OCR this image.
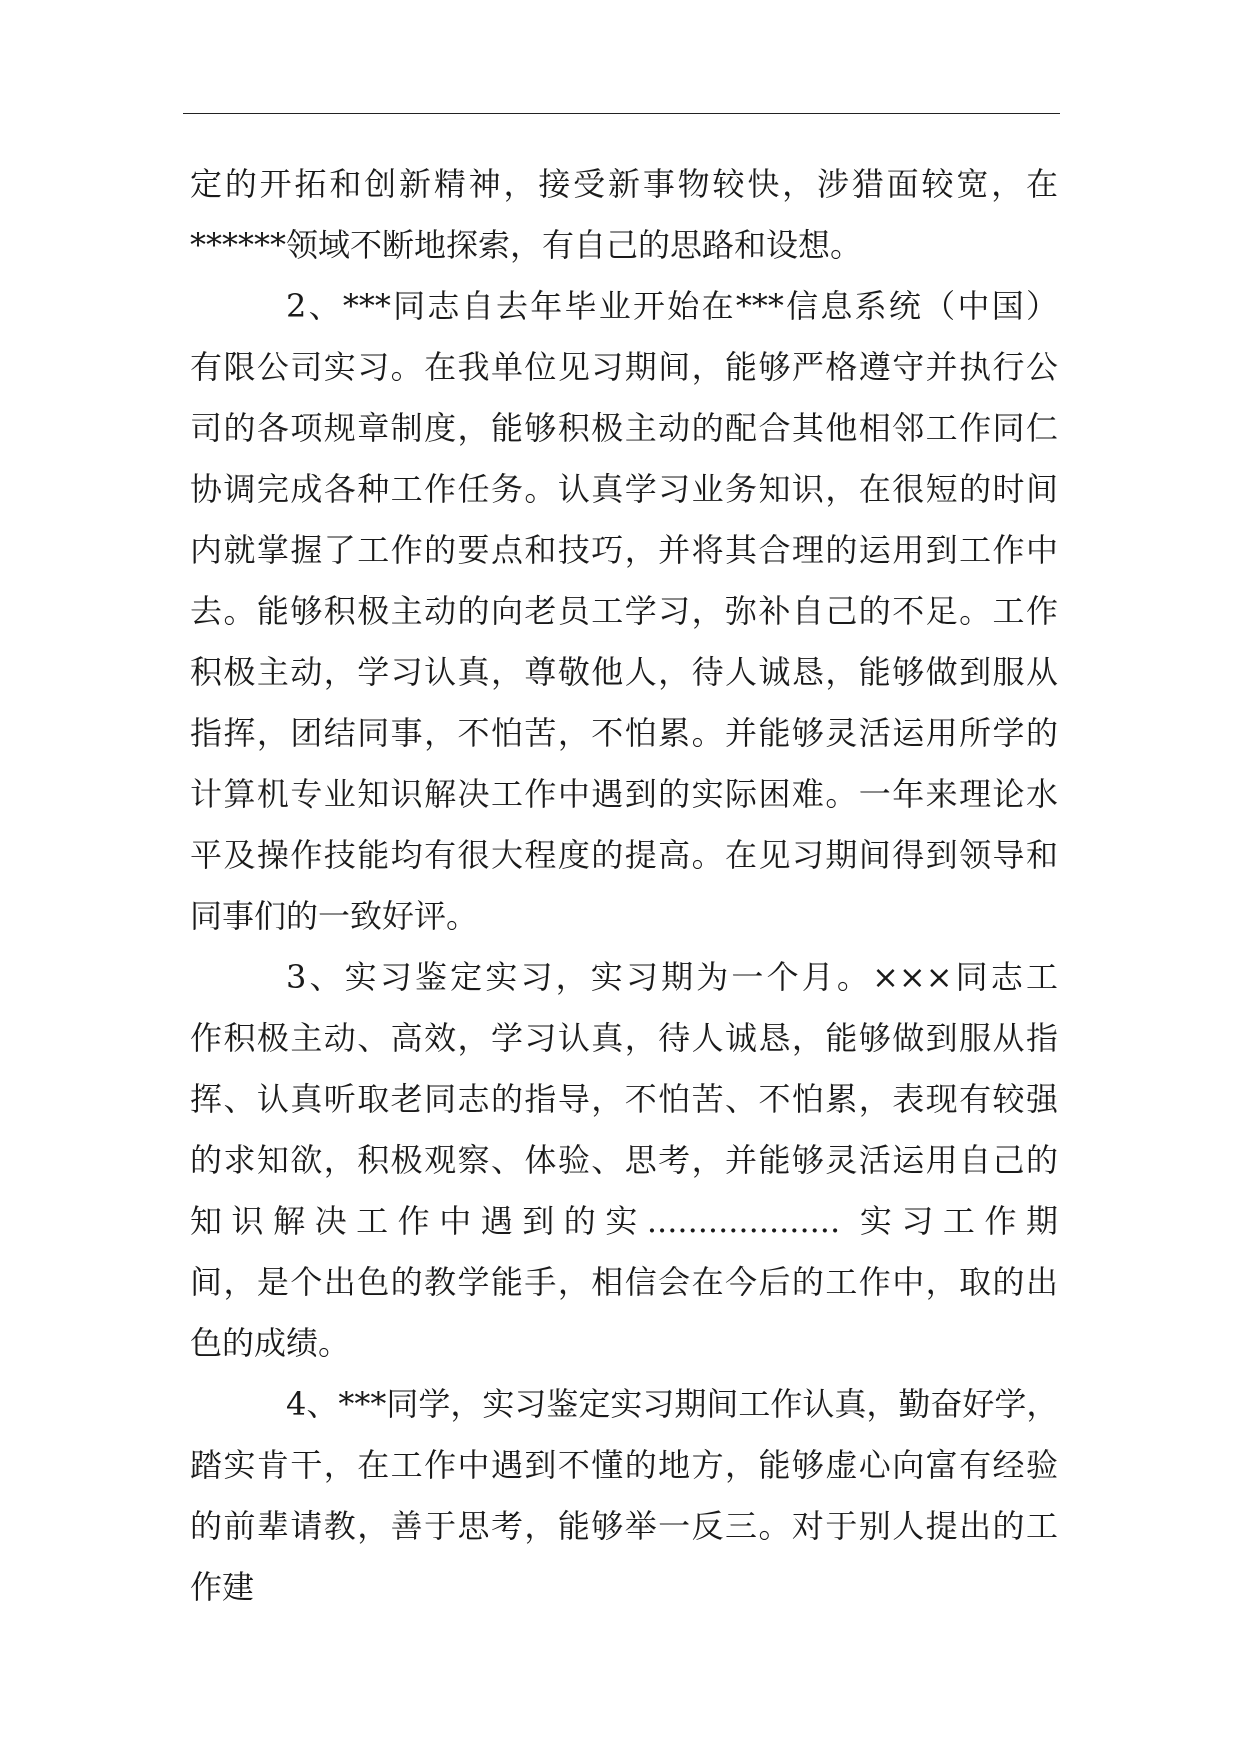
定的开拓和创新精神，接受新事物较快，涉猎面较宽，在
******领域不断地探索，有自己的思路和设想。
2、***同志自去年毕业开始在***信息系统（中国）
有限公司实习。在我单位见习期间，能够严格遵守并执行公
司的各项规章制度，能够积极主动的配合其他相邻工作同仁
协调完成各种工作任务。认真学习业务知识，在很短的时间
内就掌握了工作的要点和技巧，并将其合理的运用到工作中
去。能够积极主动的向老员工学习，弥补自己的不足。工作
积极主动，学习认真，尊敬他人，待人诚恳，能够做到服从
指挥，团结同事，不怕苦，不怕累。并能够灵活运用所学的
计算机专业知识解决工作中遇到的实际困难。一年来理论水
平及操作技能均有很大程度的提高。在见习期间得到领导和
同事们的一致好评。
3、实习鉴定实习，实习期为一个月。×××同志工
作积极主动、高效，学习认真，待人诚恳，能够做到服从指
挥、认真听取老同志的指导，不怕苦、不怕累，表现有较强
的求知欲，积极观察、体验、思考，并能够灵活运用自己的
知识解决工作中遇到的实................... 实习工作期
间，是个出色的教学能手，相信会在今后的工作中，取的出
色的成绩。
4、***同学，实习鉴定实习期间工作认真，勤奋好学，
踏实肯干，在工作中遇到不懂的地方，能够虚心向富有经验
的前辈请教，善于思考，能够举一反三。对于别人提出的工
作建
